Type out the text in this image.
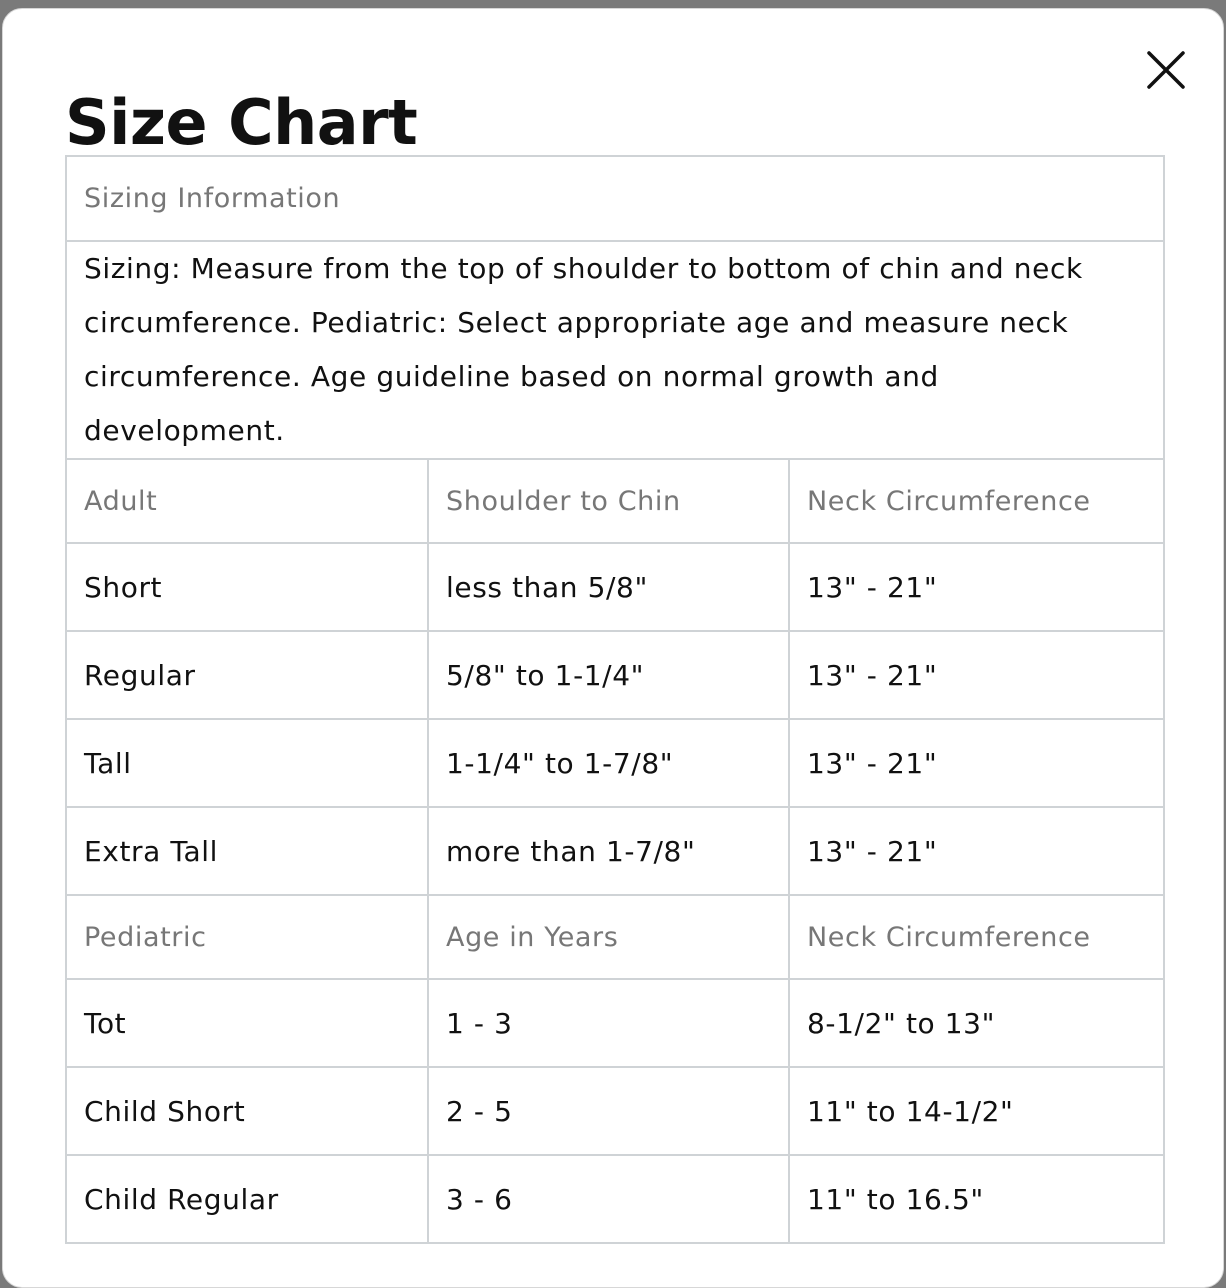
Size Chart
Sizing Information		
Sizing: Measure from the top of shoulder to bottom of chin and neck circumference. Pediatric: Select appropriate age and measure neck circumference. Age guideline based on normal growth and development.		
Adult	Shoulder to Chin	Neck Circumference
Short	less than 5/8"	13" - 21"
Regular	5/8" to 1-1/4"	13" - 21"
Tall	1-1/4" to 1-7/8"	13" - 21"
Extra Tall	more than 1-7/8"	13" - 21"
Pediatric	Age in Years	Neck Circumference
Tot	1 - 3	8-1/2" to 13"
Child Short	2 - 5	11" to 14-1/2"
Child Regular	3 - 6	11" to 16.5"
